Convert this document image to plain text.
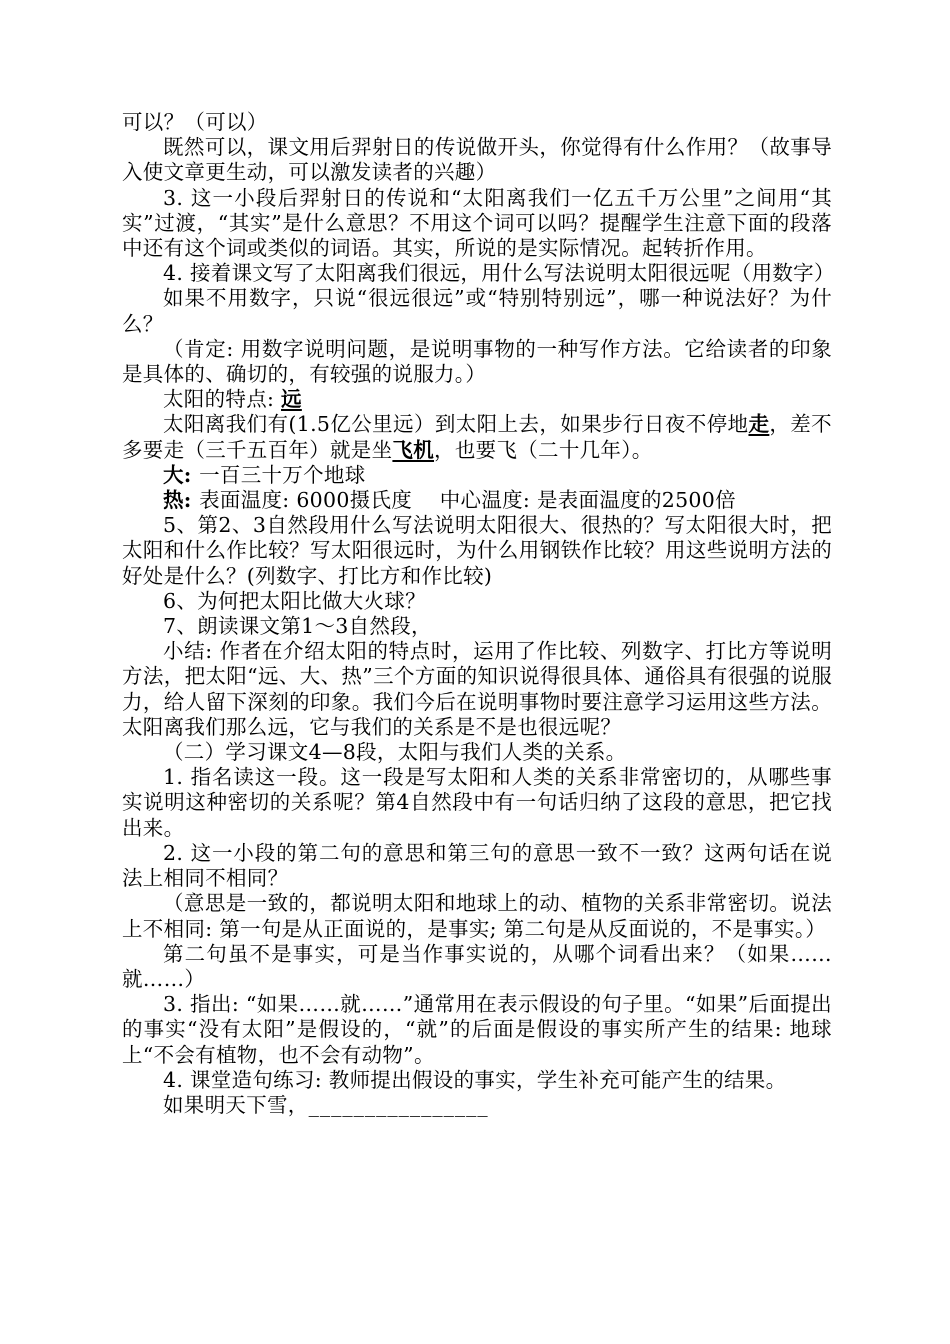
可以？（可以）

既然可以，课文用后羿射日的传说做开头，你觉得有什么作用？（故事导入使文章更生动，可以激发读者的兴趣）

3. 这一小段后羿射日的传说和“太阳离我们一亿五千万公里”之间用“其实”过渡，“其实”是什么意思？不用这个词可以吗？提醒学生注意下面的段落中还有这个词或类似的词语。其实，所说的是实际情况。起转折作用。

4. 接着课文写了太阳离我们很远，用什么写法说明太阳很远呢（用数字）

如果不用数字，只说“很远很远”或“特别特别远”，哪一种说法好？为什么？

（肯定: 用数字说明问题，是说明事物的一种写作方法。它给读者的印象是具体的、确切的，有较强的说服力。）

太阳的特点: 远

太阳离我们有(1.5亿公里远）到太阳上去，如果步行日夜不停地走，差不多要走（三千五百年）就是坐飞机，也要飞（二十几年）。

大: 一百三十万个地球

热: 表面温度: 6000摄氏度　 中心温度: 是表面温度的2500倍

5、第2、3自然段用什么写法说明太阳很大、很热的？写太阳很大时，把太阳和什么作比较？写太阳很远时，为什么用钢铁作比较？用这些说明方法的好处是什么？(列数字、打比方和作比较)

6、为何把太阳比做大火球？

7、朗读课文第1～3自然段，

小结: 作者在介绍太阳的特点时，运用了作比较、列数字、打比方等说明方法，把太阳“远、大、热”三个方面的知识说得很具体、通俗具有很强的说服力，给人留下深刻的印象。我们今后在说明事物时要注意学习运用这些方法。太阳离我们那么远，它与我们的关系是不是也很远呢？

（二）学习课文4—8段，太阳与我们人类的关系。

1. 指名读这一段。这一段是写太阳和人类的关系非常密切的，从哪些事实说明这种密切的关系呢？第4自然段中有一句话归纳了这段的意思，把它找出来。

2. 这一小段的第二句的意思和第三句的意思一致不一致？这两句话在说法上相同不相同？

（意思是一致的，都说明太阳和地球上的动、植物的关系非常密切。说法上不相同: 第一句是从正面说的，是事实; 第二句是从反面说的，不是事实。）

第二句虽不是事实，可是当作事实说的，从哪个词看出来？（如果……就……）

3. 指出: “如果……就……”通常用在表示假设的句子里。“如果”后面提出的事实“没有太阳”是假设的，“就”的后面是假设的事实所产生的结果: 地球上“不会有植物，也不会有动物”。

4. 课堂造句练习: 教师提出假设的事实，学生补充可能产生的结果。

如果明天下雪，________________
